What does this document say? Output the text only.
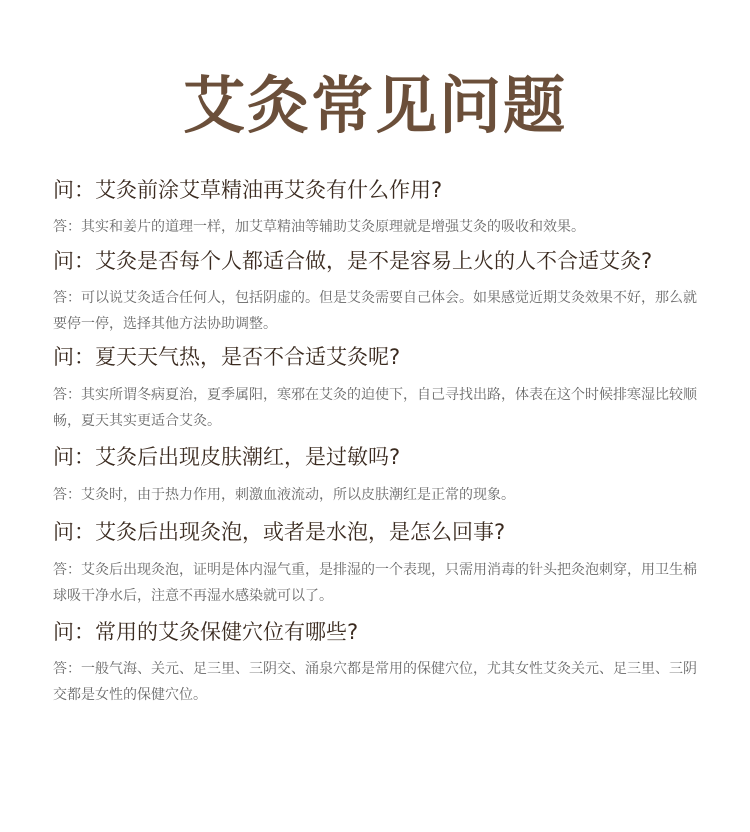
艾灸常见问题
问：艾灸前涂艾草精油再艾灸有什么作用?
答：其实和姜片的道理一样，加艾草精油等辅助艾灸原理就是增强艾灸的吸收和效果。
问：艾灸是否每个人都适合做，是不是容易上火的人不合适艾灸?
答：可以说艾灸适合任何人，包括阴虚的。但是艾灸需要自己体会。如果感觉近期艾灸效果不好，那么就要停一停，选择其他方法协助调整。
问：夏天天气热，是否不合适艾灸呢?
答：其实所谓冬病夏治，夏季属阳，寒邪在艾灸的迫使下，自己寻找出路，体表在这个时候排寒湿比较顺畅，夏天其实更适合艾灸。
问：艾灸后出现皮肤潮红，是过敏吗?
答：艾灸时，由于热力作用，刺激血液流动，所以皮肤潮红是正常的现象。
问：艾灸后出现灸泡，或者是水泡，是怎么回事?
答：艾灸后出现灸泡，证明是体内湿气重，是排湿的一个表现，只需用消毒的针头把灸泡刺穿，用卫生棉球吸干净水后，注意不再湿水感染就可以了。
问：常用的艾灸保健穴位有哪些?
答：一般气海、关元、足三里、三阴交、涌泉穴都是常用的保健穴位，尤其女性艾灸关元、足三里、三阴交都是女性的保健穴位。
